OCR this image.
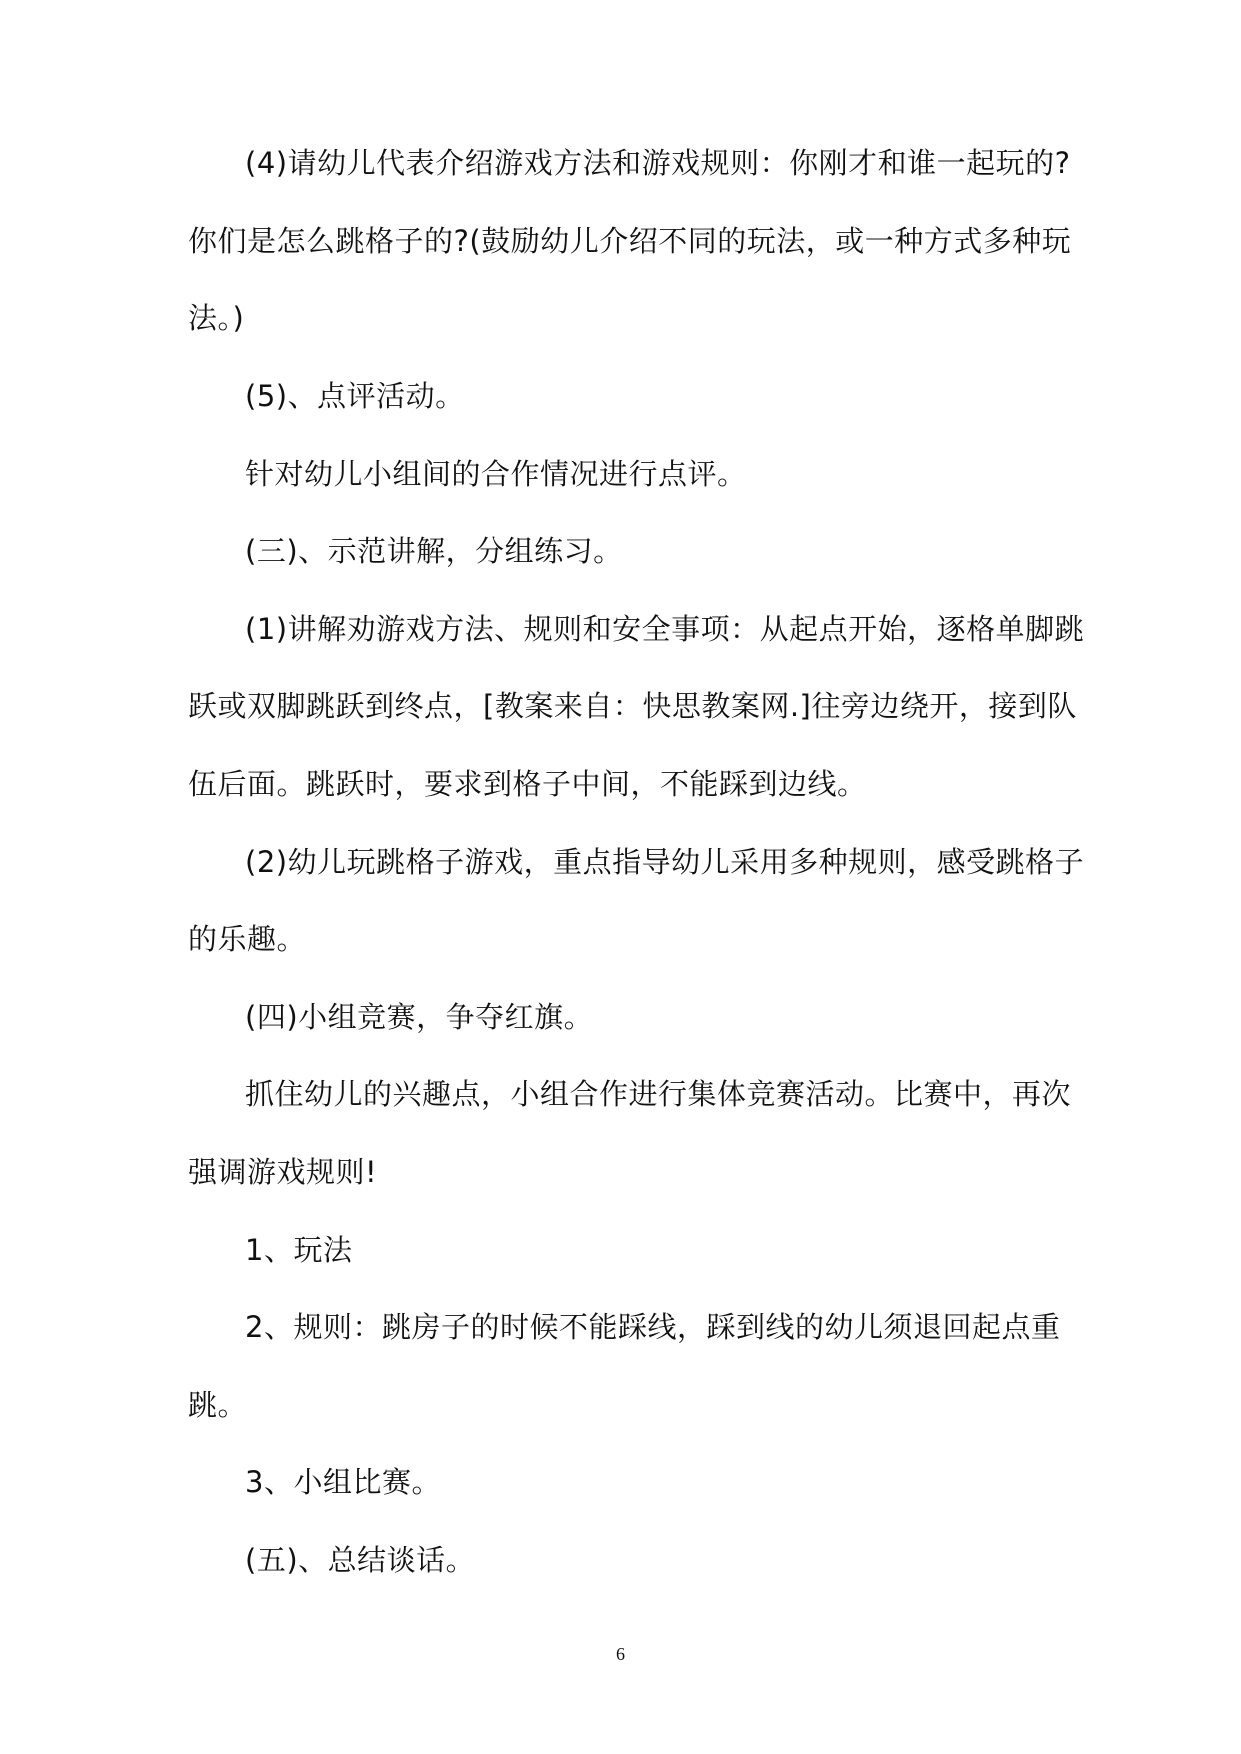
(4)请幼儿代表介绍游戏方法和游戏规则：你刚才和谁一起玩的?
你们是怎么跳格子的?(鼓励幼儿介绍不同的玩法，或一种方式多种玩
法。)
(5)、点评活动。
针对幼儿小组间的合作情况进行点评。
(三)、示范讲解，分组练习。
(1)讲解劝游戏方法、规则和安全事项：从起点开始，逐格单脚跳
跃或双脚跳跃到终点，[教案来自：快思教案网.]往旁边绕开，接到队
伍后面。跳跃时，要求到格子中间，不能踩到边线。
(2)幼儿玩跳格子游戏，重点指导幼儿采用多种规则，感受跳格子
的乐趣。
(四)小组竞赛，争夺红旗。
抓住幼儿的兴趣点，小组合作进行集体竞赛活动。比赛中，再次
强调游戏规则!
1、玩法
2、规则：跳房子的时候不能踩线，踩到线的幼儿须退回起点重
跳。
3、小组比赛。
(五)、总结谈话。
6
